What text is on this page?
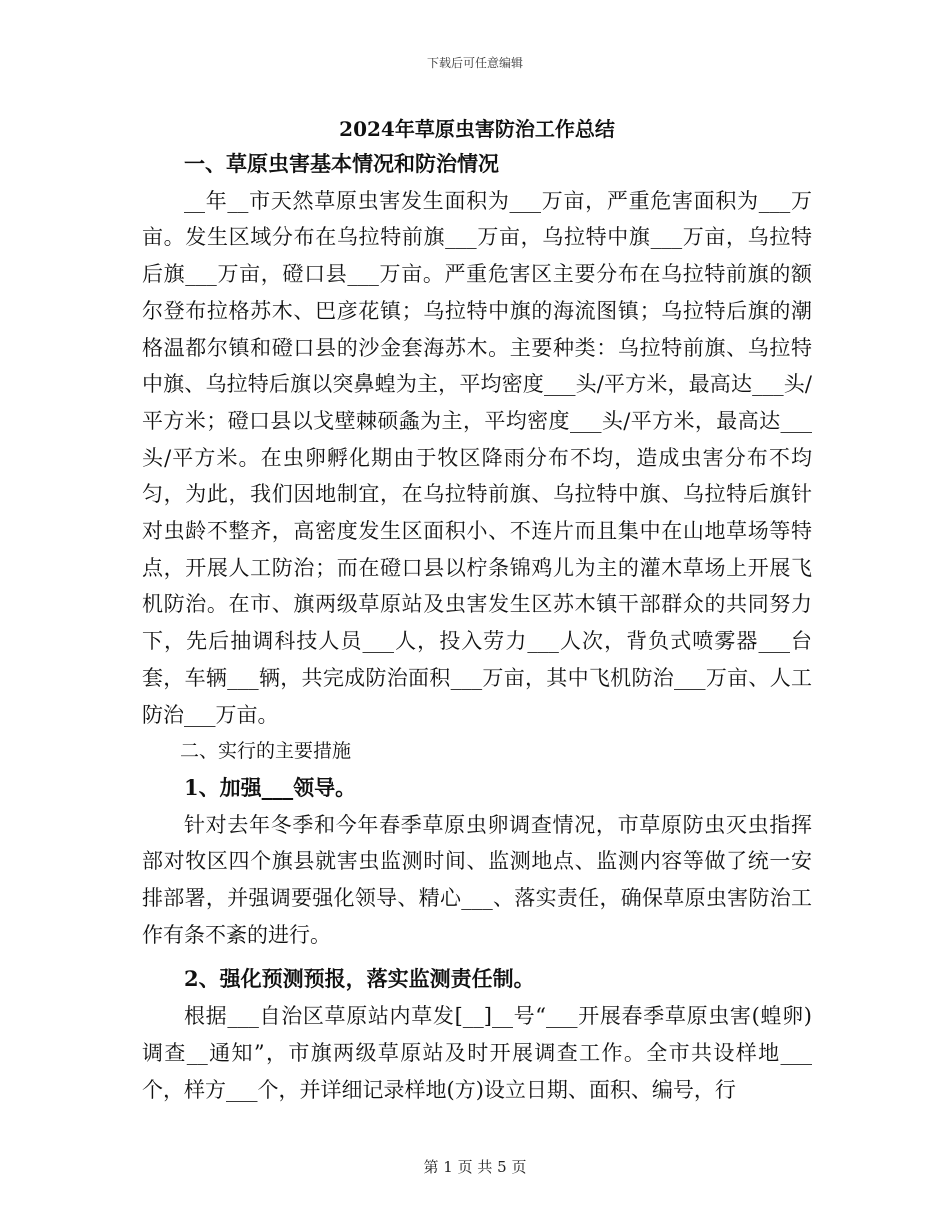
下载后可任意编辑
2024年草原虫害防治工作总结

一、草原虫害基本情况和防治情况

__年__市天然草原虫害发生面积为___万亩，严重危害面积为___万亩。发生区域分布在乌拉特前旗___万亩，乌拉特中旗___万亩，乌拉特后旗___万亩，磴口县___万亩。严重危害区主要分布在乌拉特前旗的额尔登布拉格苏木、巴彦花镇；乌拉特中旗的海流图镇；乌拉特后旗的潮格温都尔镇和磴口县的沙金套海苏木。主要种类：乌拉特前旗、乌拉特中旗、乌拉特后旗以突鼻蝗为主，平均密度___头/平方米，最高达___头/平方米；磴口县以戈壁棘硕螽为主，平均密度___头/平方米，最高达___头/平方米。在虫卵孵化期由于牧区降雨分布不均，造成虫害分布不均匀，为此，我们因地制宜，在乌拉特前旗、乌拉特中旗、乌拉特后旗针对虫龄不整齐，高密度发生区面积小、不连片而且集中在山地草场等特点，开展人工防治；而在磴口县以柠条锦鸡儿为主的灌木草场上开展飞机防治。在市、旗两级草原站及虫害发生区苏木镇干部群众的共同努力下，先后抽调科技人员___人，投入劳力___人次，背负式喷雾器___台套，车辆___辆，共完成防治面积___万亩，其中飞机防治___万亩、人工防治___万亩。

二、实行的主要措施

1、加强___领导。

针对去年冬季和今年春季草原虫卵调查情况，市草原防虫灭虫指挥部对牧区四个旗县就害虫监测时间、监测地点、监测内容等做了统一安排部署，并强调要强化领导、精心___、落实责任，确保草原虫害防治工作有条不紊的进行。

2、强化预测预报，落实监测责任制。

根据___自治区草原站内草发[__]__号“___开展春季草原虫害(蝗卵)调查__通知”，市旗两级草原站及时开展调查工作。全市共设样地___个，样方___个，并详细记录样地(方)设立日期、面积、编号，行

第 1 页 共 5 页
